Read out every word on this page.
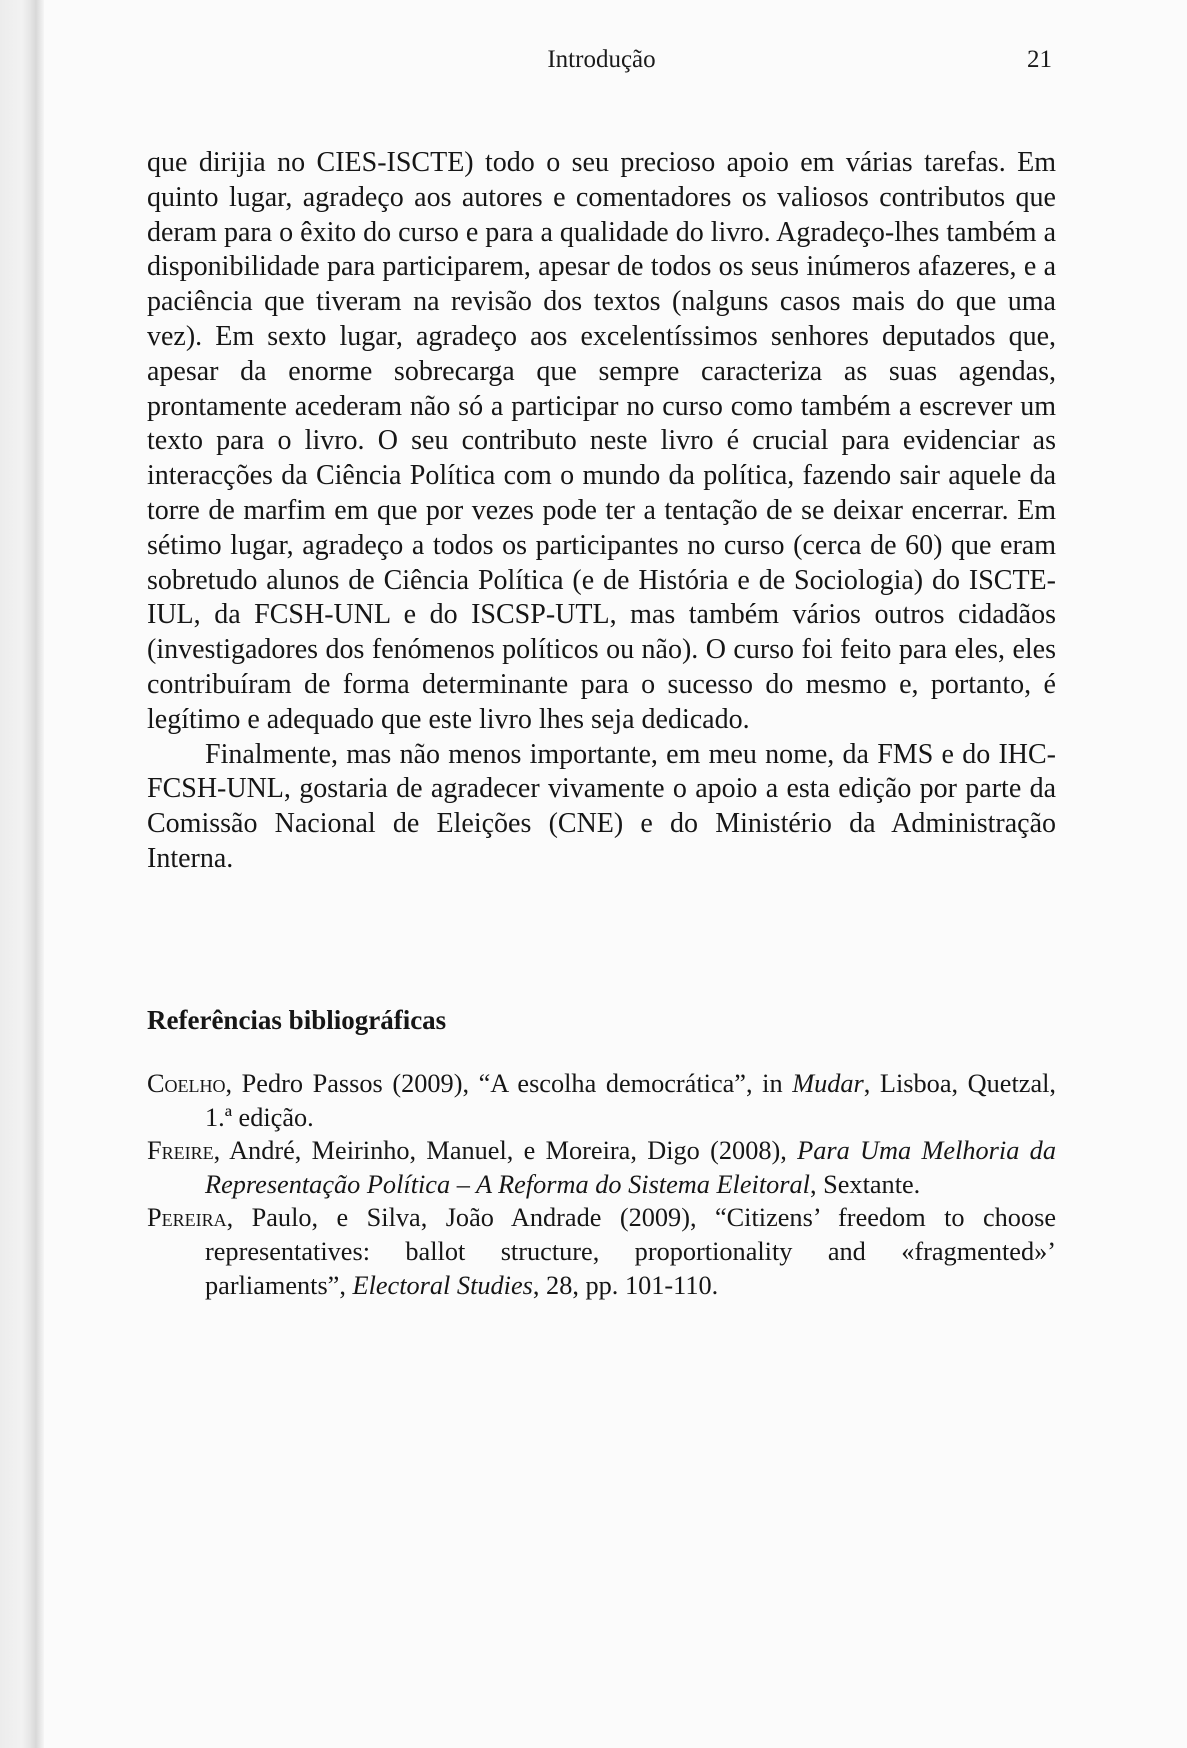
Introdução	21

que dirijia no CIES-ISCTE) todo o seu precioso apoio em várias tarefas. Em quinto lugar, agradeço aos autores e comentadores os valiosos contributos que deram para o êxito do curso e para a qualidade do livro. Agradeço-lhes também a disponibilidade para participarem, apesar de todos os seus inúmeros afazeres, e a paciência que tiveram na revisão dos textos (nalguns casos mais do que uma vez). Em sexto lugar, agradeço aos excelentíssimos senhores deputados que, apesar da enorme sobrecarga que sempre caracteriza as suas agendas, prontamente acederam não só a participar no curso como também a escrever um texto para o livro. O seu contributo neste livro é crucial para evidenciar as interacções da Ciência Política com o mundo da política, fazendo sair aquele da torre de marfim em que por vezes pode ter a tentação de se deixar encerrar. Em sétimo lugar, agradeço a todos os participantes no curso (cerca de 60) que eram sobretudo alunos de Ciência Política (e de História e de Sociologia) do ISCTE-IUL, da FCSH-UNL e do ISCSP-UTL, mas também vários outros cidadãos (investigadores dos fenómenos políticos ou não). O curso foi feito para eles, eles contribuíram de forma determinante para o sucesso do mesmo e, portanto, é legítimo e adequado que este livro lhes seja dedicado.

Finalmente, mas não menos importante, em meu nome, da FMS e do IHC-FCSH-UNL, gostaria de agradecer vivamente o apoio a esta edição por parte da Comissão Nacional de Eleições (CNE) e do Ministério da Administração Interna.

Referências bibliográficas

Coelho, Pedro Passos (2009), “A escolha democrática”, in Mudar, Lisboa, Quetzal, 1.ª edição.

Freire, André, Meirinho, Manuel, e Moreira, Digo (2008), Para Uma Melhoria da Representação Política – A Reforma do Sistema Eleitoral, Sextante.

Pereira, Paulo, e Silva, João Andrade (2009), “Citizens’ freedom to choose representatives: ballot structure, proportionality and «fragmented»’ parliaments”, Electoral Studies, 28, pp. 101-110.
